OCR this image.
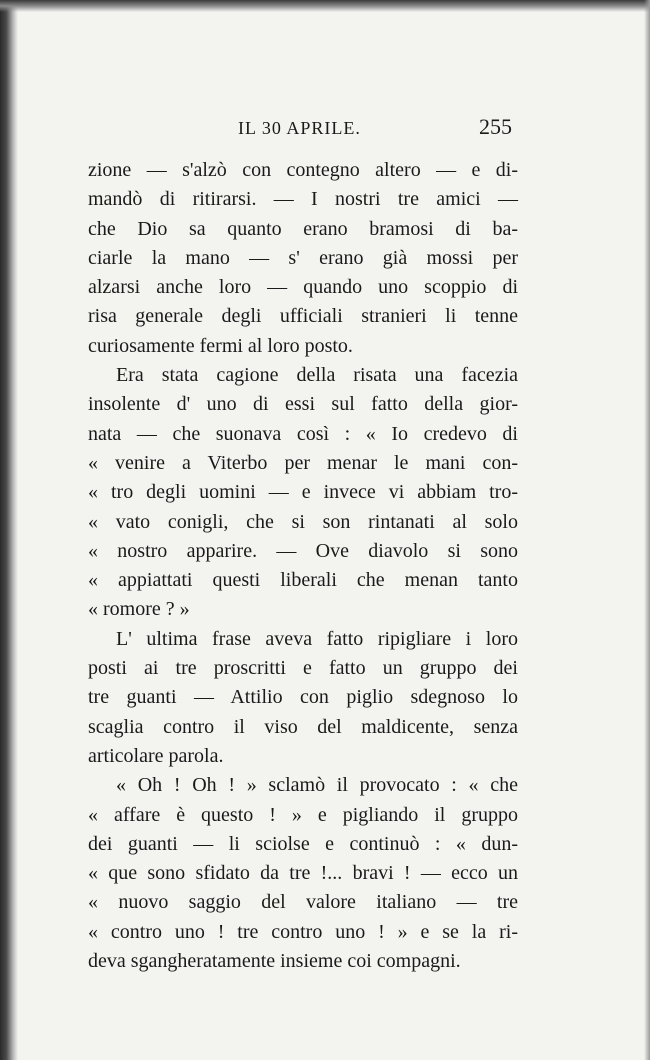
IL 30 APRILE.	255
zione — s'alzò con contegno altero — e di-
mandò di ritirarsi. — I nostri tre amici —
che Dio sa quanto erano bramosi di ba-
ciarle la mano — s' erano già mossi per
alzarsi anche loro — quando uno scoppio di
risa generale degli ufficiali stranieri li tenne
curiosamente fermi al loro posto.
Era stata cagione della risata una facezia
insolente d' uno di essi sul fatto della gior-
nata — che suonava così : « Io credevo di
« venire a Viterbo per menar le mani con-
« tro degli uomini — e invece vi abbiam tro-
« vato conigli, che si son rintanati al solo
« nostro apparire. — Ove diavolo si sono
« appiattati questi liberali che menan tanto
« romore ? »
L' ultima frase aveva fatto ripigliare i loro
posti ai tre proscritti e fatto un gruppo dei
tre guanti — Attilio con piglio sdegnoso lo
scaglia contro il viso del maldicente, senza
articolare parola.
« Oh ! Oh ! » sclamò il provocato : « che
« affare è questo ! » e pigliando il gruppo
dei guanti — li sciolse e continuò : « dun-
« que sono sfidato da tre !... bravi ! — ecco un
« nuovo saggio del valore italiano — tre
« contro uno ! tre contro uno ! » e se la ri-
deva sgangheratamente insieme coi compagni.
